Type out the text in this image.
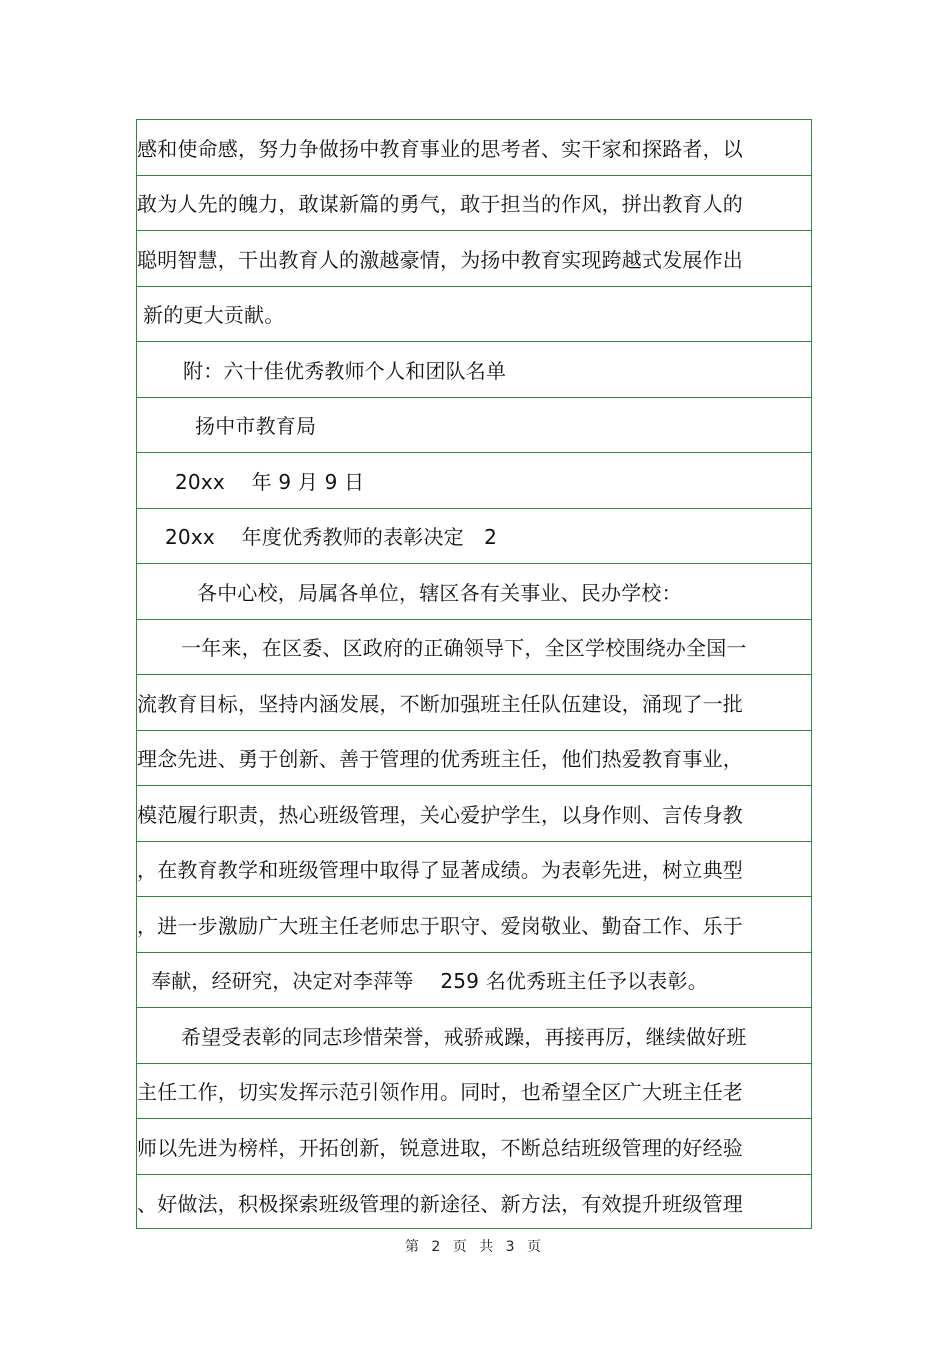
感和使命感，努力争做扬中教育事业的思考者、实干家和探路者，以
敢为人先的魄力，敢谋新篇的勇气，敢于担当的作风，拼出教育人的
聪明智慧，干出教育人的激越豪情，为扬中教育实现跨越式发展作出
新的更大贡献。
附：六十佳优秀教师个人和团队名单
扬中市教育局
20xx　 年 9 月 9 日
20xx　 年度优秀教师的表彰决定　2
各中心校，局属各单位，辖区各有关事业、民办学校：
一年来，在区委、区政府的正确领导下，全区学校围绕办全国一
流教育目标，坚持内涵发展，不断加强班主任队伍建设，涌现了一批
理念先进、勇于创新、善于管理的优秀班主任，他们热爱教育事业，
模范履行职责，热心班级管理，关心爱护学生，以身作则、言传身教
，在教育教学和班级管理中取得了显著成绩。为表彰先进，树立典型
，进一步激励广大班主任老师忠于职守、爱岗敬业、勤奋工作、乐于
奉献，经研究，决定对李萍等　 259 名优秀班主任予以表彰。
希望受表彰的同志珍惜荣誉，戒骄戒躁，再接再厉，继续做好班
主任工作，切实发挥示范引领作用。同时，也希望全区广大班主任老
师以先进为榜样，开拓创新，锐意进取，不断总结班级管理的好经验
、好做法，积极探索班级管理的新途径、新方法，有效提升班级管理
第 2 页 共 3 页
